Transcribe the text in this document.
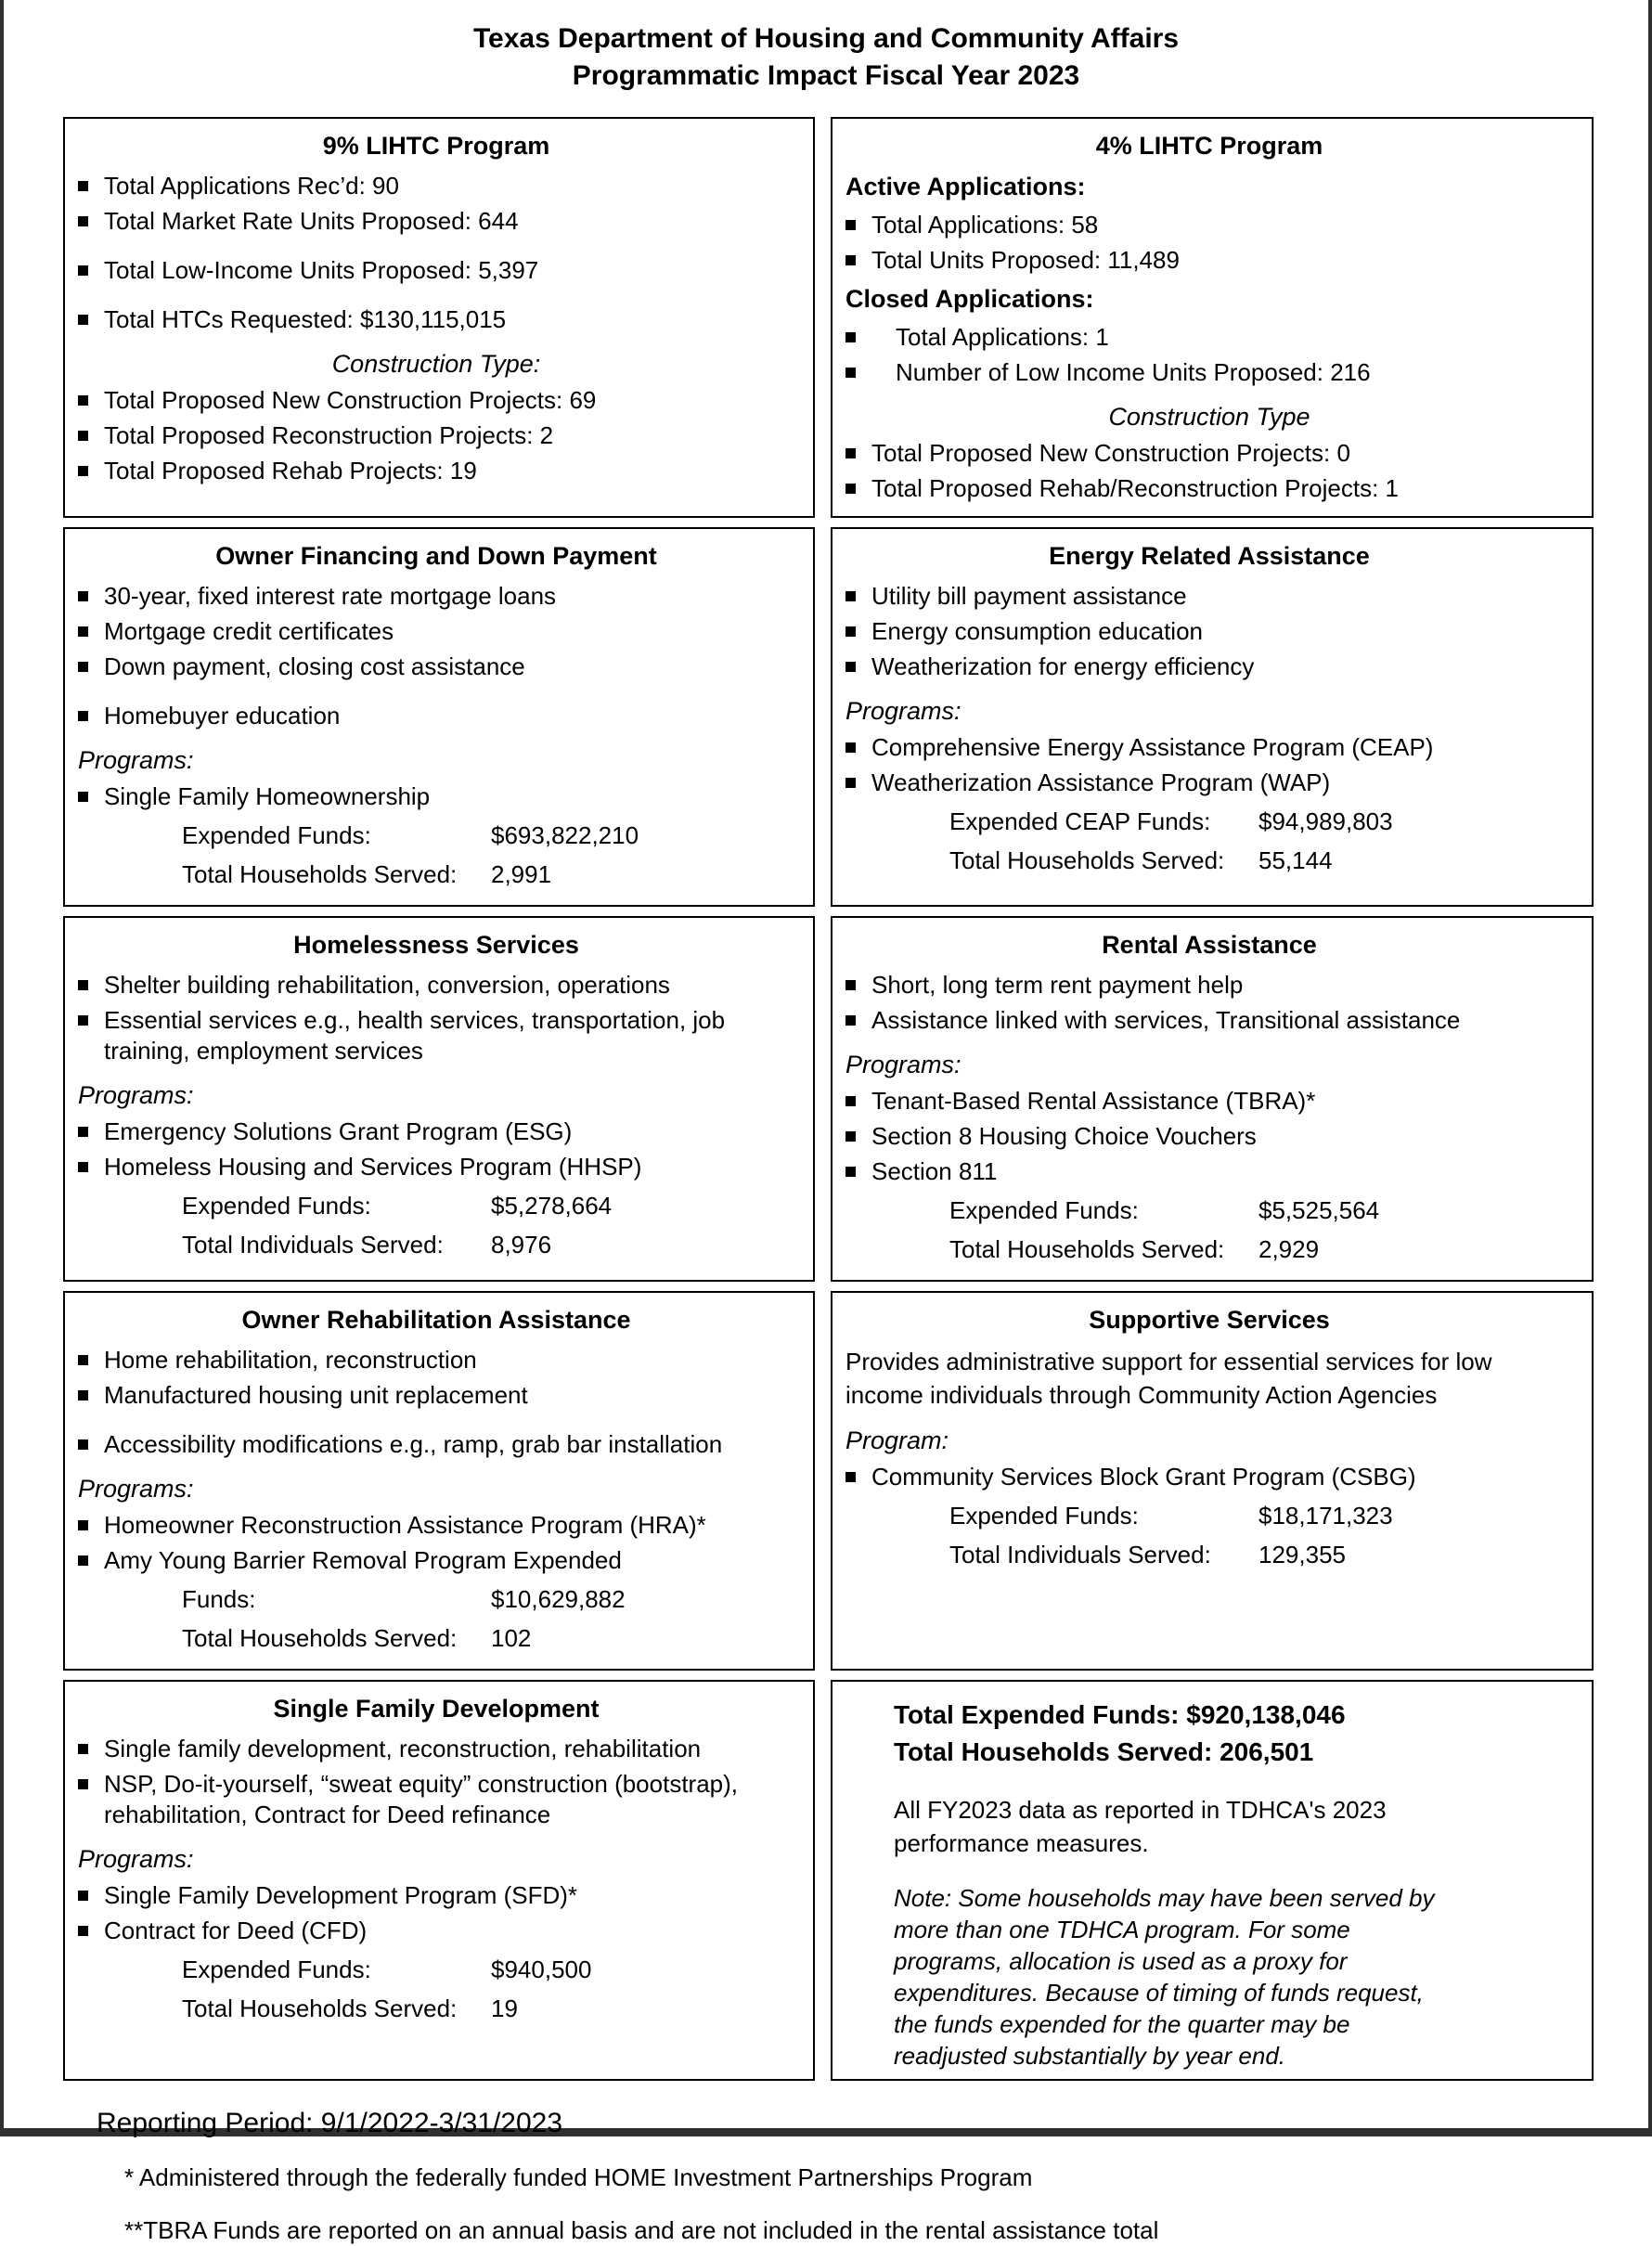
Texas Department of Housing and Community Affairs
Programmatic Impact Fiscal Year 2023
9% LIHTC Program
Total Applications Rec’d: 90
Total Market Rate Units Proposed: 644
Total Low-Income Units Proposed: 5,397
Total HTCs Requested: $130,115,015
Construction Type:
Total Proposed New Construction Projects: 69
Total Proposed Reconstruction Projects: 2
Total Proposed Rehab Projects: 19
4% LIHTC Program
Active Applications:
Total Applications: 58
Total Units Proposed: 11,489
Closed Applications:
Total Applications: 1
Number of Low Income Units Proposed: 216
Construction Type
Total Proposed New Construction Projects: 0
Total Proposed Rehab/Reconstruction Projects: 1
Owner Financing and Down Payment
30-year, fixed interest rate mortgage loans
Mortgage credit certificates
Down payment, closing cost assistance
Homebuyer education
Programs:
Single Family Homeownership
Expended Funds:	$693,822,210
Total Households Served:	2,991
Energy Related Assistance
Utility bill payment assistance
Energy consumption education
Weatherization for energy efficiency
Programs:
Comprehensive Energy Assistance Program (CEAP)
Weatherization Assistance Program (WAP)
Expended CEAP Funds:	$94,989,803
Total Households Served:	55,144
Homelessness Services
Shelter building rehabilitation, conversion, operations
Essential services e.g., health services, transportation, job training, employment services
Programs:
Emergency Solutions Grant Program (ESG)
Homeless Housing and Services Program (HHSP)
Expended Funds:	$5,278,664
Total Individuals Served:	8,976
Rental Assistance
Short, long term rent payment help
Assistance linked with services, Transitional assistance
Programs:
Tenant-Based Rental Assistance (TBRA)*
Section 8 Housing Choice Vouchers
Section 811
Expended Funds:	$5,525,564
Total Households Served:	2,929
Owner Rehabilitation Assistance
Home rehabilitation, reconstruction
Manufactured housing unit replacement
Accessibility modifications e.g., ramp, grab bar installation
Programs:
Homeowner Reconstruction Assistance Program (HRA)*
Amy Young Barrier Removal Program Expended
Funds:	$10,629,882
Total Households Served:	102
Supportive Services
Provides administrative support for essential services for low income individuals through Community Action Agencies
Program:
Community Services Block Grant Program (CSBG)
Expended Funds:	$18,171,323
Total Individuals Served:	129,355
Single Family Development
Single family development, reconstruction, rehabilitation
NSP, Do-it-yourself, “sweat equity” construction (bootstrap), rehabilitation, Contract for Deed refinance
Programs:
Single Family Development Program (SFD)*
Contract for Deed (CFD)
Expended Funds:	$940,500
Total Households Served:	19
Total Expended Funds: $920,138,046
Total Households Served: 206,501
All FY2023 data as reported in TDHCA's 2023 performance measures.
Note: Some households may have been served by more than one TDHCA program. For some programs, allocation is used as a proxy for expenditures. Because of timing of funds request, the funds expended for the quarter may be readjusted substantially by year end.
Reporting Period: 9/1/2022-3/31/2023
* Administered through the federally funded HOME Investment Partnerships Program
**TBRA Funds are reported on an annual basis and are not included in the rental assistance total
